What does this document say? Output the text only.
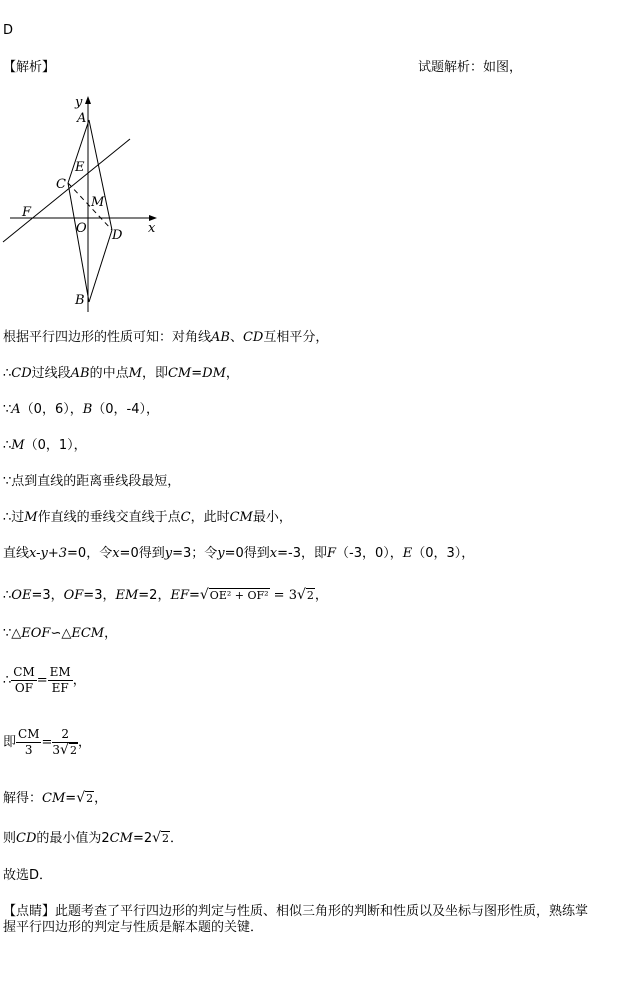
D
【解析】	试题解析：如图，
y
x
A
E
C
F
M
O D
B
根据平行四边形的性质可知：对角线AB、CD互相平分，
∴CD过线段AB的中点M，即CM=DM，
∵A（0，6），B（0，-4），
∴M（0，1），
∵点到直线的距离垂线段最短，
∴过M作直线的垂线交直线于点C，此时CM最小，
直线x-y+3=0，令x=0得到y=3；令y=0得到x=-3，即F（-3，0），E（0，3），
∴OE=3，OF=3，EM=2，EF=√OE² + OF² = 3√2，
∵△EOF∽△ECM，
∴ $\frac{CM}{OF} = \frac{EM}{EF}$ ，
即 $\frac{CM}{3} = \frac{2}{3√2}$ ，
解得：CM=√2，
则CD的最小值为2CM=2√2．
故选D．
【点睛】此题考查了平行四边形的判定与性质、相似三角形的判断和性质以及坐标与图形性质，熟练掌
握平行四边形的判定与性质是解本题的关键．
